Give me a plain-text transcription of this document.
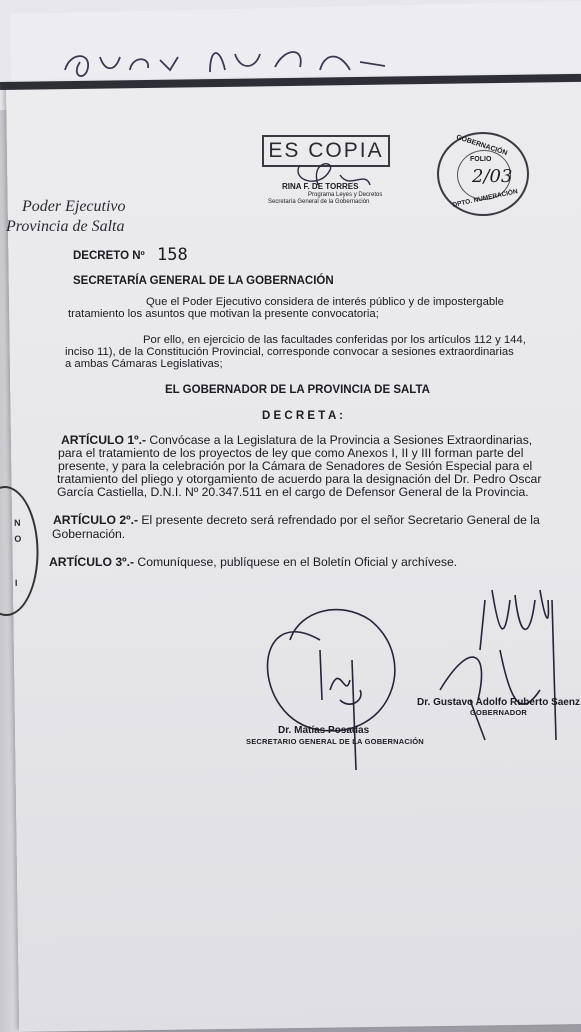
N
O
I
Poder Ejecutivo
Provincia de Salta
ES COPIA
RINA F. DE TORRES
Programa Leyes y Decretos
Secretaría General de la Gobernación
GOBERNACIÓN
FOLIO
2/03
DPTO. NUMERACIÓN
DECRETO Nº 158
SECRETARÍA GENERAL DE LA GOBERNACIÓN
Que el Poder Ejecutivo considera de interés público y de impostergable
tratamiento los asuntos que motivan la presente convocatoria;
Por ello, en ejercicio de las facultades conferidas por los artículos 112 y 144,
inciso 11), de la Constitución Provincial, corresponde convocar a sesiones extraordinarias
a ambas Cámaras Legislativas;
EL GOBERNADOR DE LA PROVINCIA DE SALTA
D E C R E T A :
ARTÍCULO 1º.- Convócase a la Legislatura de la Provincia a Sesiones Extraordinarias,
para el tratamiento de los proyectos de ley que como Anexos I, II y III forman parte del
presente, y para la celebración por la Cámara de Senadores de Sesión Especial para el
tratamiento del pliego y otorgamiento de acuerdo para la designación del Dr. Pedro Oscar
García Castiella, D.N.I. Nº 20.347.511 en el cargo de Defensor General de la Provincia.
ARTÍCULO 2º.- El presente decreto será refrendado por el señor Secretario General de la
Gobernación.
ARTÍCULO 3º.- Comuníquese, publíquese en el Boletín Oficial y archívese.
Dr. Gustavo Adolfo Ruberto Saenz
GOBERNADOR
Dr. Matías Posadas
SECRETARIO GENERAL DE LA GOBERNACIÓN
